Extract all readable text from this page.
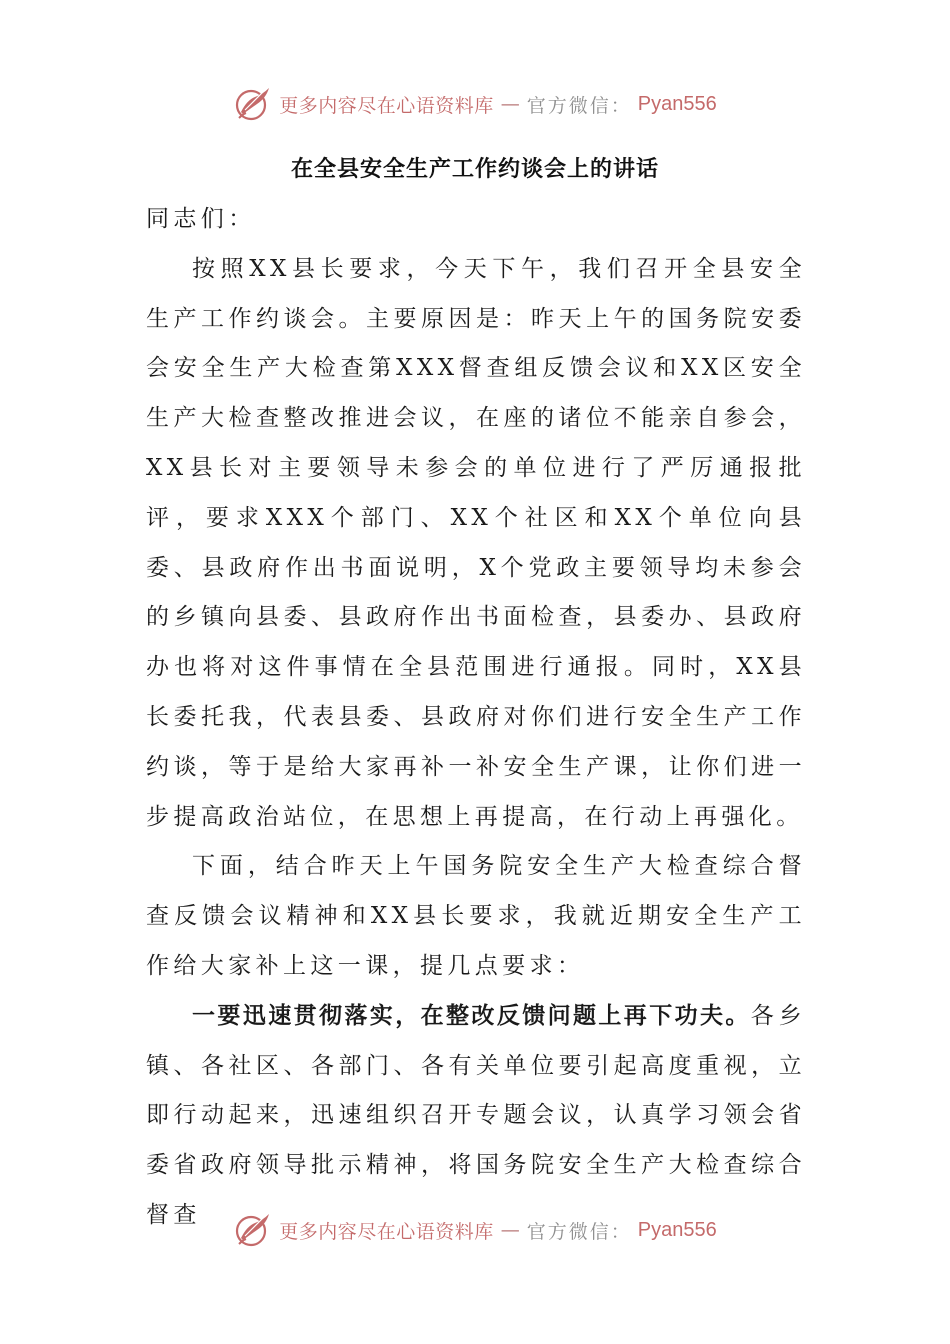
更多内容尽在心语资料库 — 官方微信： Pyan556
在全县安全生产工作约谈会上的讲话

同志们：

按照XX县长要求，今天下午，我们召开全县安全生产工作约谈会。主要原因是：昨天上午的国务院安委会安全生产大检查第XXX督查组反馈会议和XX区安全生产大检查整改推进会议，在座的诸位不能亲自参会，XX县长对主要领导未参会的单位进行了严厉通报批评，要求XXX个部门、XX个社区和XX个单位向县委、县政府作出书面说明，X个党政主要领导均未参会的乡镇向县委、县政府作出书面检查，县委办、县政府办也将对这件事情在全县范围进行通报。同时，XX县长委托我，代表县委、县政府对你们进行安全生产工作约谈，等于是给大家再补一补安全生产课，让你们进一步提高政治站位，在思想上再提高，在行动上再强化。

下面，结合昨天上午国务院安全生产大检查综合督查反馈会议精神和XX县长要求，我就近期安全生产工作给大家补上这一课，提几点要求：

一要迅速贯彻落实，在整改反馈问题上再下功夫。各乡镇、各社区、各部门、各有关单位要引起高度重视，立即行动起来，迅速组织召开专题会议，认真学习领会省委省政府领导批示精神，将国务院安全生产大检查综合督查

更多内容尽在心语资料库 — 官方微信： Pyan556
